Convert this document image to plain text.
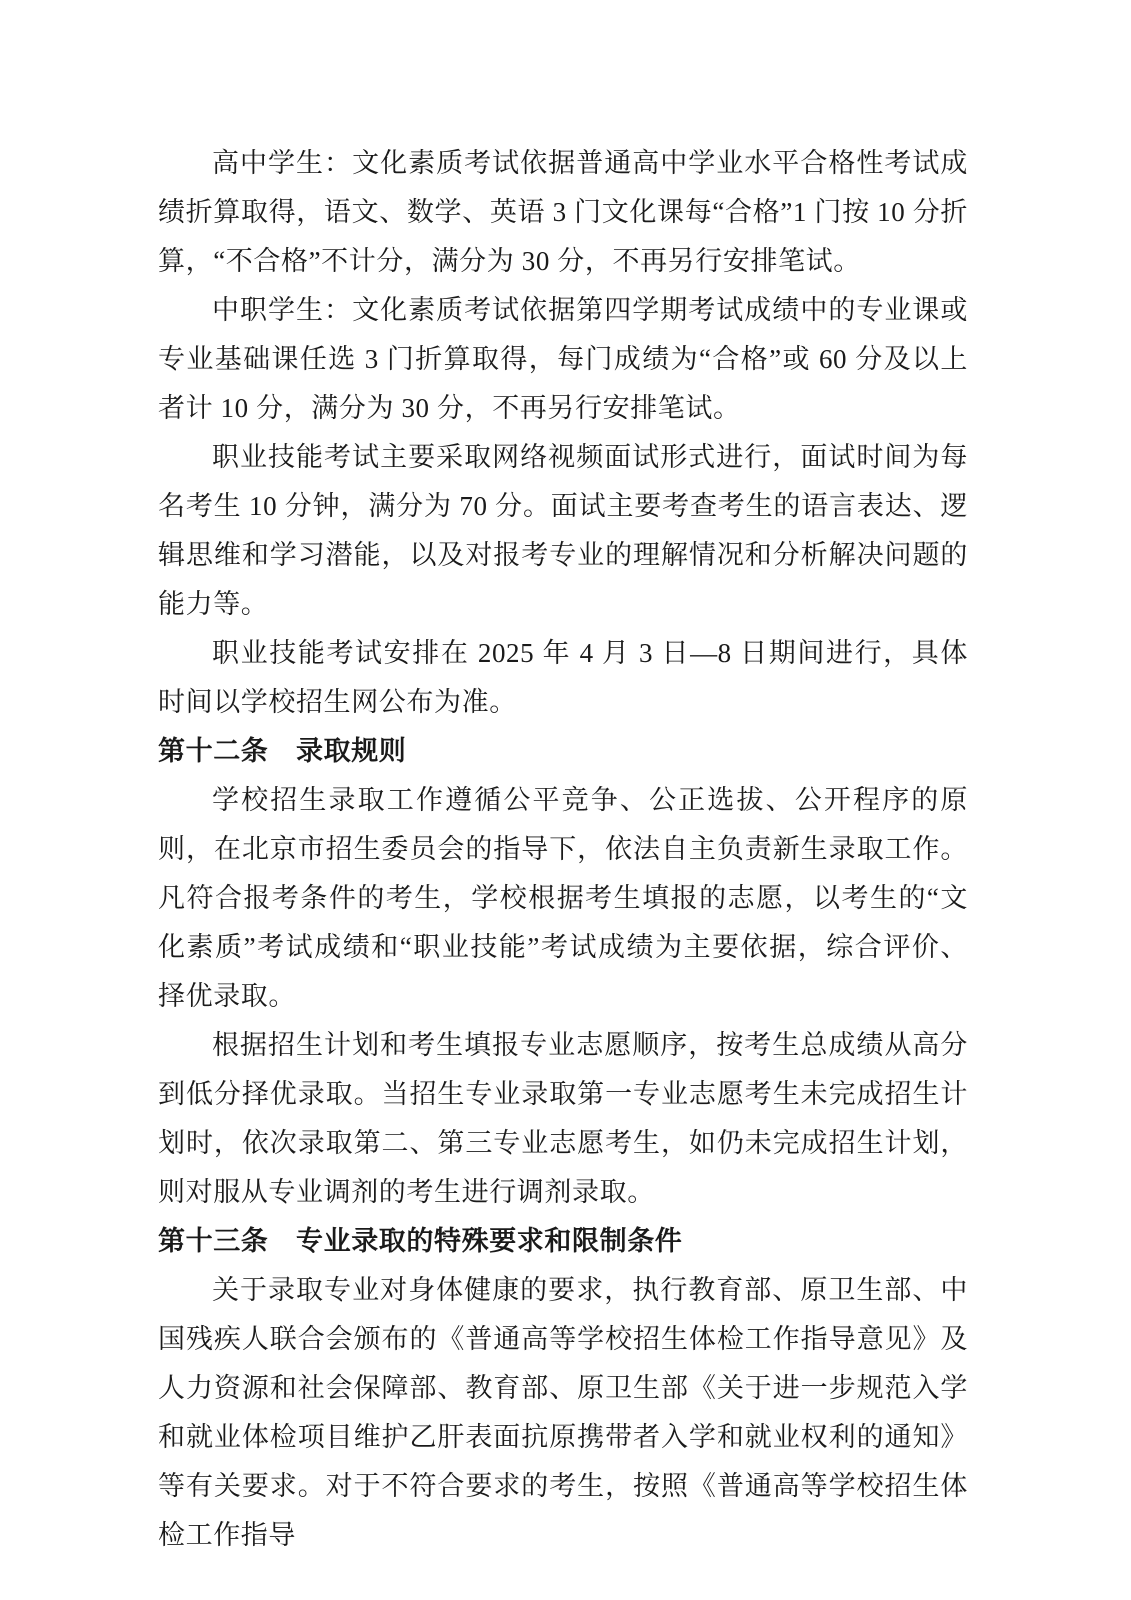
高中学生：文化素质考试依据普通高中学业水平合格性考试成绩折算取得，语文、数学、英语 3 门文化课每“合格”1 门按 10 分折算，“不合格”不计分，满分为 30 分，不再另行安排笔试。

中职学生：文化素质考试依据第四学期考试成绩中的专业课或专业基础课任选 3 门折算取得，每门成绩为“合格”或 60 分及以上者计 10 分，满分为 30 分，不再另行安排笔试。

职业技能考试主要采取网络视频面试形式进行，面试时间为每名考生 10 分钟，满分为 70 分。面试主要考查考生的语言表达、逻辑思维和学习潜能，以及对报考专业的理解情况和分析解决问题的能力等。

职业技能考试安排在 2025 年 4 月 3 日—8 日期间进行，具体时间以学校招生网公布为准。

第十二条　录取规则

学校招生录取工作遵循公平竞争、公正选拔、公开程序的原则，在北京市招生委员会的指导下，依法自主负责新生录取工作。凡符合报考条件的考生，学校根据考生填报的志愿，以考生的“文化素质”考试成绩和“职业技能”考试成绩为主要依据，综合评价、择优录取。

根据招生计划和考生填报专业志愿顺序，按考生总成绩从高分到低分择优录取。当招生专业录取第一专业志愿考生未完成招生计划时，依次录取第二、第三专业志愿考生，如仍未完成招生计划，则对服从专业调剂的考生进行调剂录取。

第十三条　专业录取的特殊要求和限制条件

关于录取专业对身体健康的要求，执行教育部、原卫生部、中国残疾人联合会颁布的《普通高等学校招生体检工作指导意见》及人力资源和社会保障部、教育部、原卫生部《关于进一步规范入学和就业体检项目维护乙肝表面抗原携带者入学和就业权利的通知》等有关要求。对于不符合要求的考生，按照《普通高等学校招生体检工作指导
